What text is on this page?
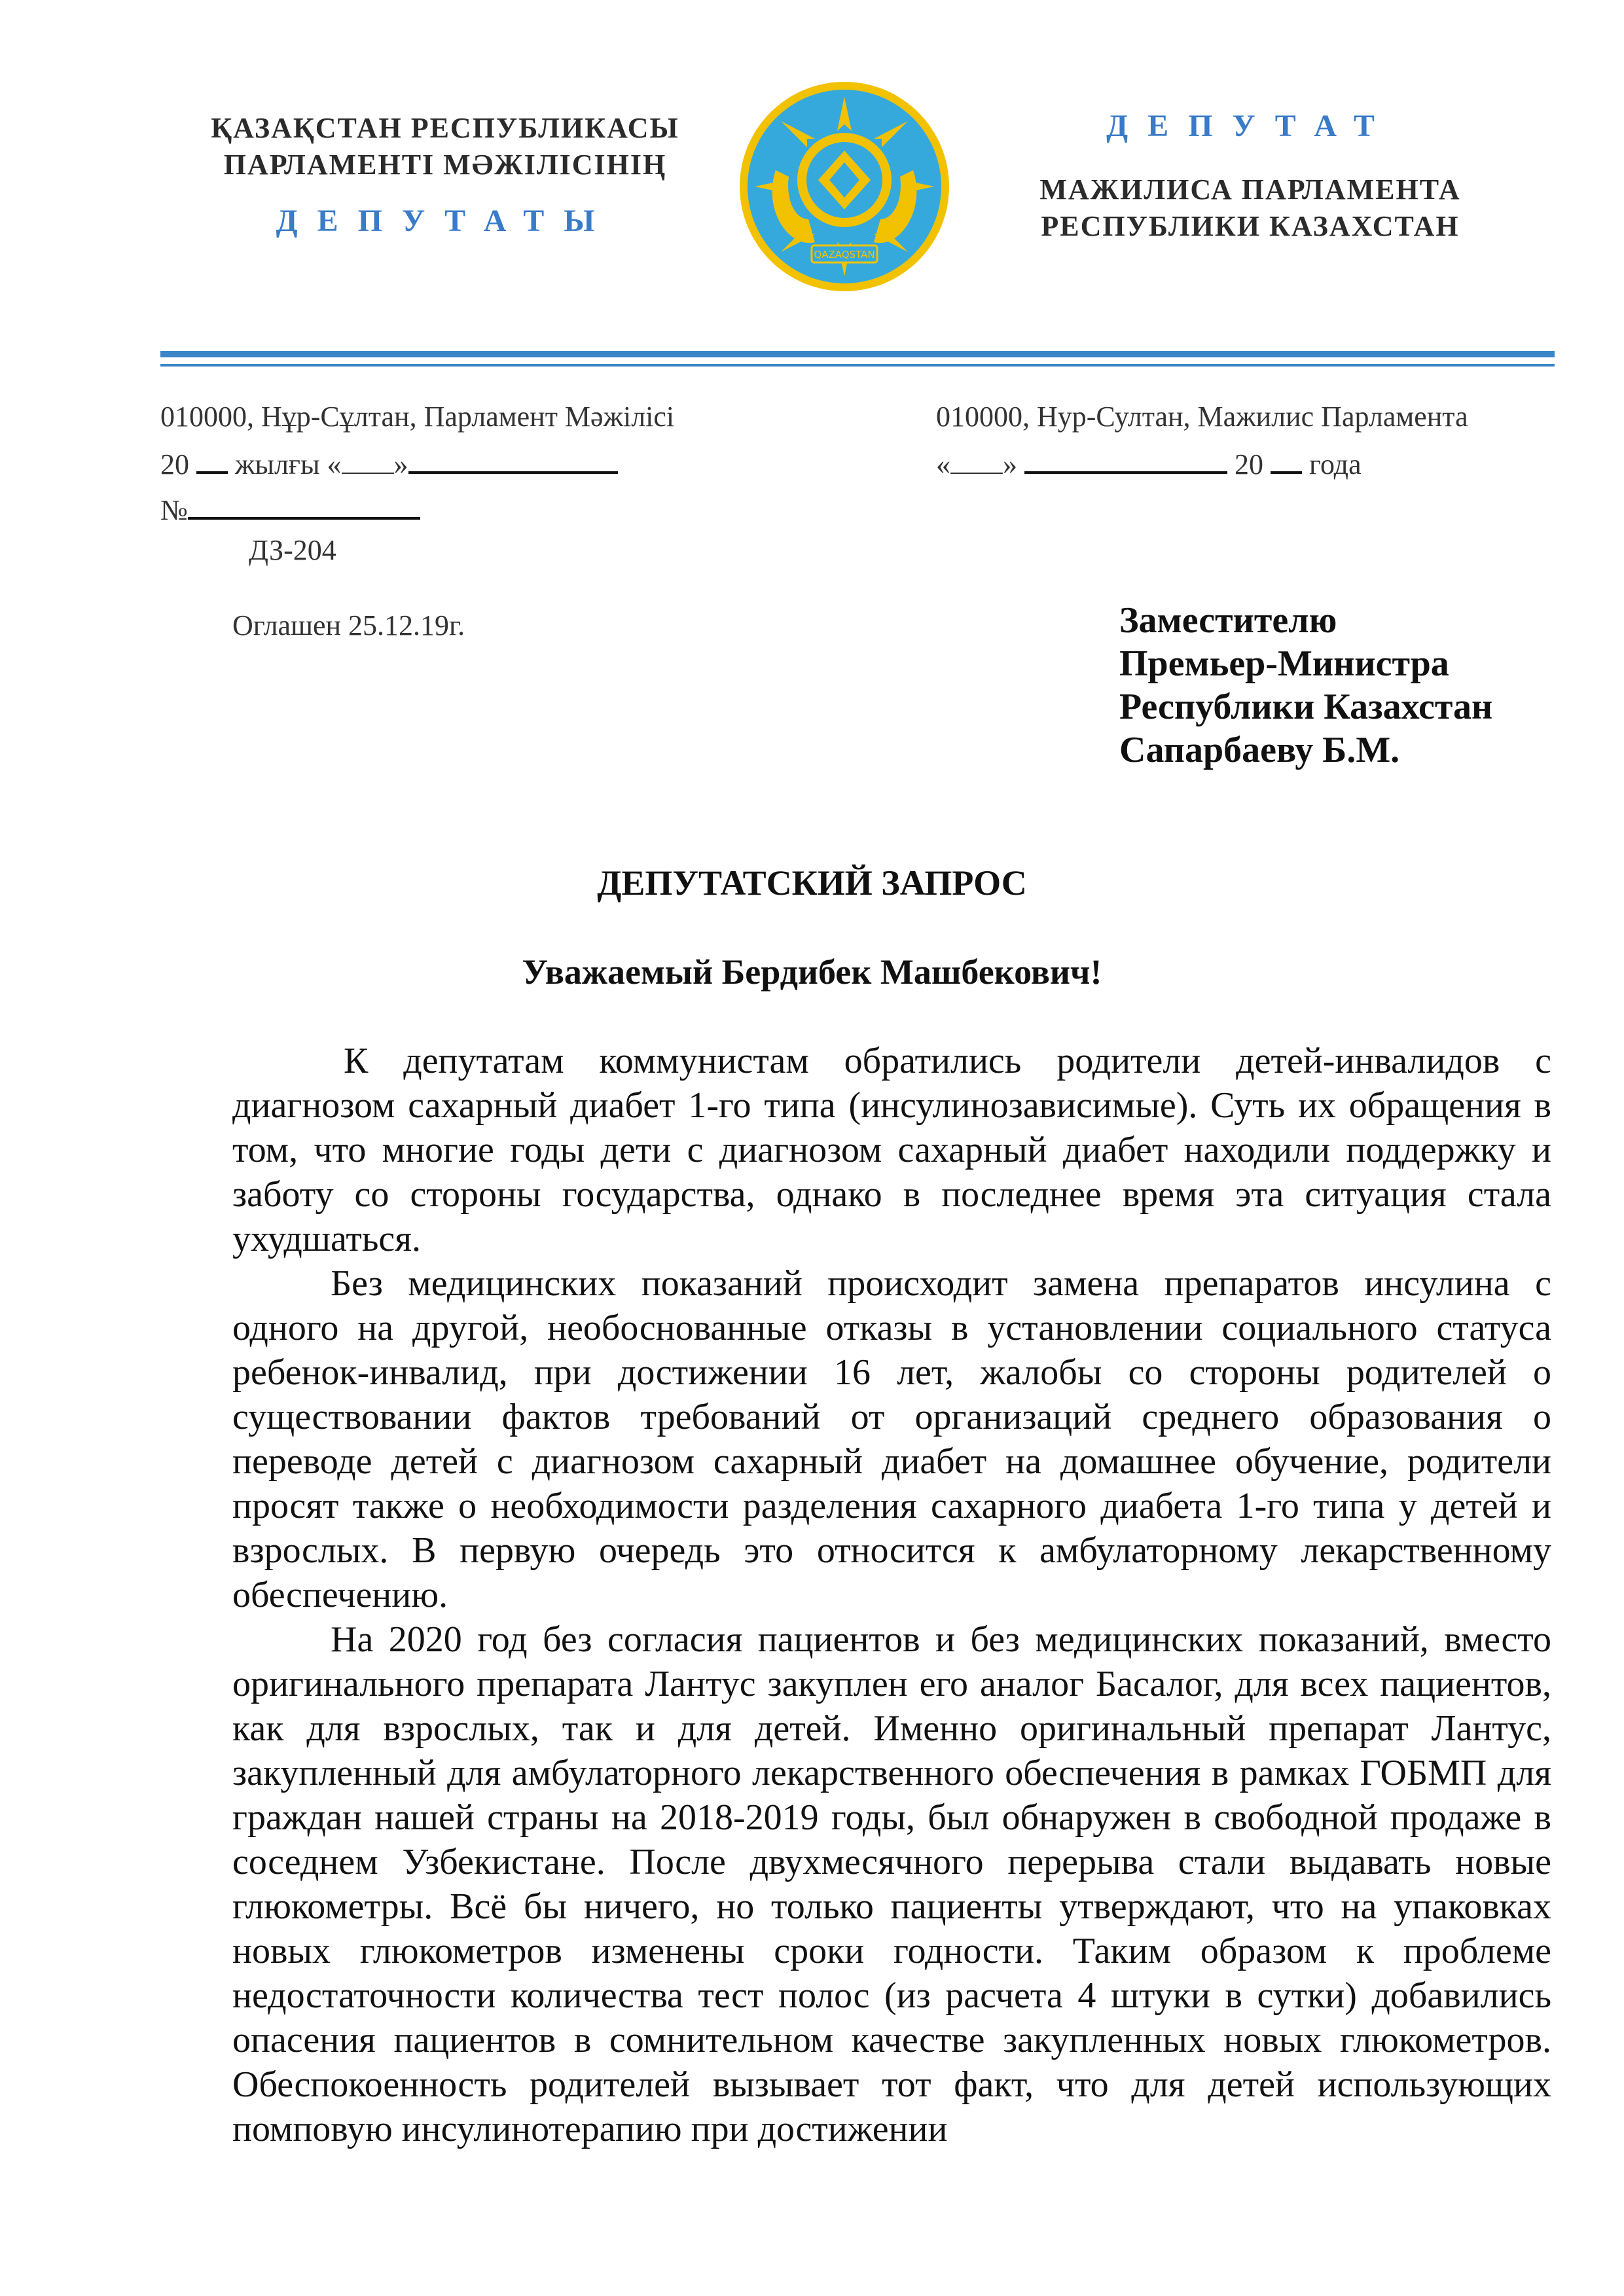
ҚАЗАҚСТАН РЕСПУБЛИКАСЫ
ПАРЛАМЕНТІ МӘЖІЛІСІНІҢ
ДЕПУТАТЫ
QAZAQSTAN
ДЕПУТАТ
МАЖИЛИСА ПАРЛАМЕНТА
РЕСПУБЛИКИ КАЗАХСТАН
010000, Нұр-Сұлтан, Парламент Мәжілісі
20 жылғы « »
№
ДЗ-204
010000, Нур-Султан, Мажилис Парламента
« »	20 года
Оглашен 25.12.19г.	Заместителю
Премьер-Министра
Республики Казахстан
Сапарбаеву Б.М.
ДЕПУТАТСКИЙ ЗАПРОС
Уважаемый Бердибек Машбекович!

К депутатам коммунистам обратились родители детей-инвалидов с диагнозом сахарный диабет 1-го типа (инсулинозависимые). Суть их обращения в том, что многие годы дети с диагнозом сахарный диабет находили поддержку и заботу со стороны государства, однако в последнее время эта ситуация стала ухудшаться.

Без медицинских показаний происходит замена препаратов инсулина с одного на другой, необоснованные отказы в установлении социального статуса ребенок-инвалид, при достижении 16 лет, жалобы со стороны родителей о существовании фактов требований от организаций среднего образования о переводе детей с диагнозом сахарный диабет на домашнее обучение, родители просят также о необходимости разделения сахарного диабета 1-го типа у детей и взрослых. В первую очередь это относится к амбулаторному лекарственному обеспечению.

На 2020 год без согласия пациентов и без медицинских показаний, вместо оригинального препарата Лантус закуплен его аналог Басалог, для всех пациентов, как для взрослых, так и для детей. Именно оригинальный препарат Лантус, закупленный для амбулаторного лекарственного обеспечения в рамках ГОБМП для граждан нашей страны на 2018-2019 годы, был обнаружен в свободной продаже в соседнем Узбекистане. После двухмесячного перерыва стали выдавать новые глюкометры. Всё бы ничего, но только пациенты утверждают, что на упаковках новых глюкометров изменены сроки годности. Таким образом к проблеме недостаточности количества тест полос (из расчета 4 штуки в сутки) добавились опасения пациентов в сомнительном качестве закупленных новых глюкометров. Обеспокоенность родителей вызывает тот факт, что для детей использующих помповую инсулинотерапию при достижении
